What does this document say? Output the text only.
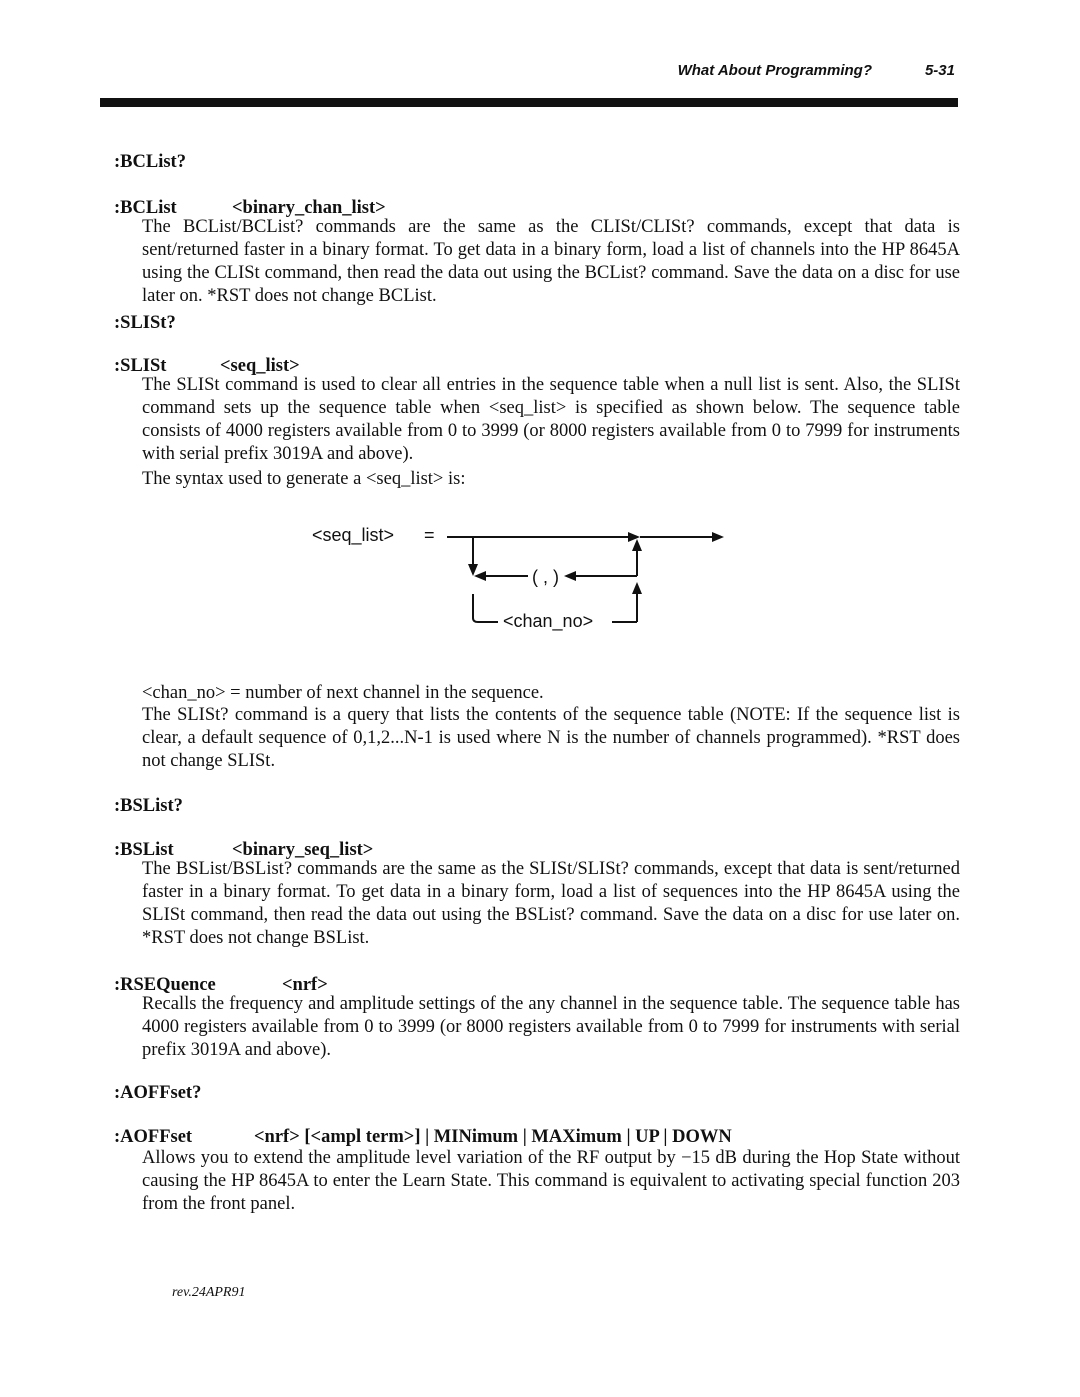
What About Programming?	5-31
:BCList?
:BCList	<binary_chan_list>
The BCList/BCList? commands are the same as the CLISt/CLISt? commands, except that data is sent/returned faster in a binary format. To get data in a binary form, load a list of channels into the HP 8645A using the CLISt command, then read the data out using the BCList? command. Save the data on a disc for use later on. *RST does not change BCList.
:SLISt?
:SLISt	<seq_list>
The SLISt command is used to clear all entries in the sequence table when a null list is sent. Also, the SLISt command sets up the sequence table when <seq_list> is specified as shown below. The sequence table consists of 4000 registers available from 0 to 3999 (or 8000 registers available from 0 to 7999 for instruments with serial prefix 3019A and above).
The syntax used to generate a <seq_list> is:
<seq_list> =
( , )
<chan_no>
<chan_no> = number of next channel in the sequence.
The SLISt? command is a query that lists the contents of the sequence table (NOTE: If the sequence list is clear, a default sequence of 0,1,2...N-1 is used where N is the number of channels programmed). *RST does not change SLISt.
:BSList?
:BSList	<binary_seq_list>
The BSList/BSList? commands are the same as the SLISt/SLISt? commands, except that data is sent/returned faster in a binary format. To get data in a binary form, load a list of sequences into the HP 8645A using the SLISt command, then read the data out using the BSList? command. Save the data on a disc for use later on. *RST does not change BSList.
:RSEQuence	<nrf>
Recalls the frequency and amplitude settings of the any channel in the sequence table. The sequence table has 4000 registers available from 0 to 3999 (or 8000 registers available from 0 to 7999 for instruments with serial prefix 3019A and above).
:AOFFset?
:AOFFset	<nrf> [<ampl term>] | MINimum | MAXimum | UP | DOWN
Allows you to extend the amplitude level variation of the RF output by −15 dB during the Hop State without causing the HP 8645A to enter the Learn State. This command is equivalent to activating special function 203 from the front panel.
rev.24APR91
